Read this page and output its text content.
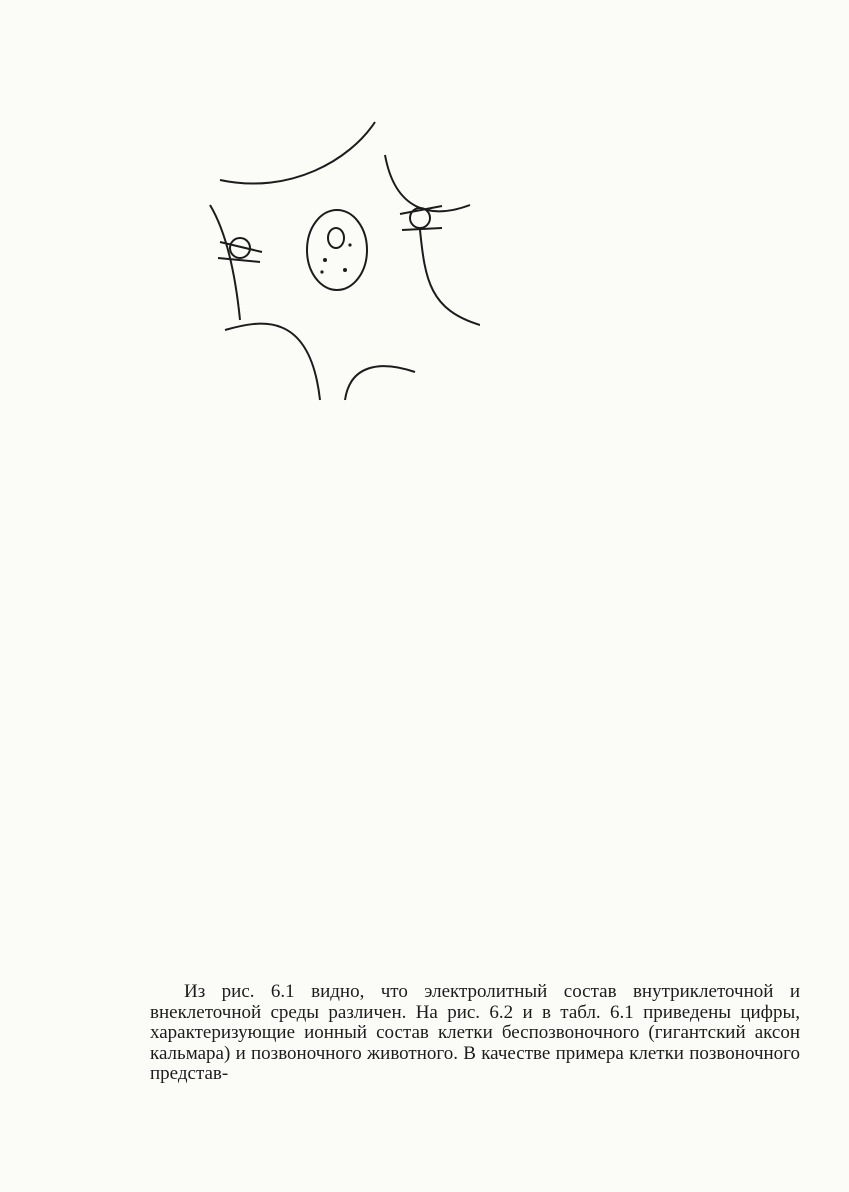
Из рис. 6.1 видно, что электролитный состав внутриклеточной и внеклеточной среды различен. На рис. 6.2 и в табл. 6.1 приведены цифры, характеризующие ионный состав клетки беспозвоночного (гигантский аксон кальмара) и позвоночного животного. В качестве примера клетки позвоночного представ-
